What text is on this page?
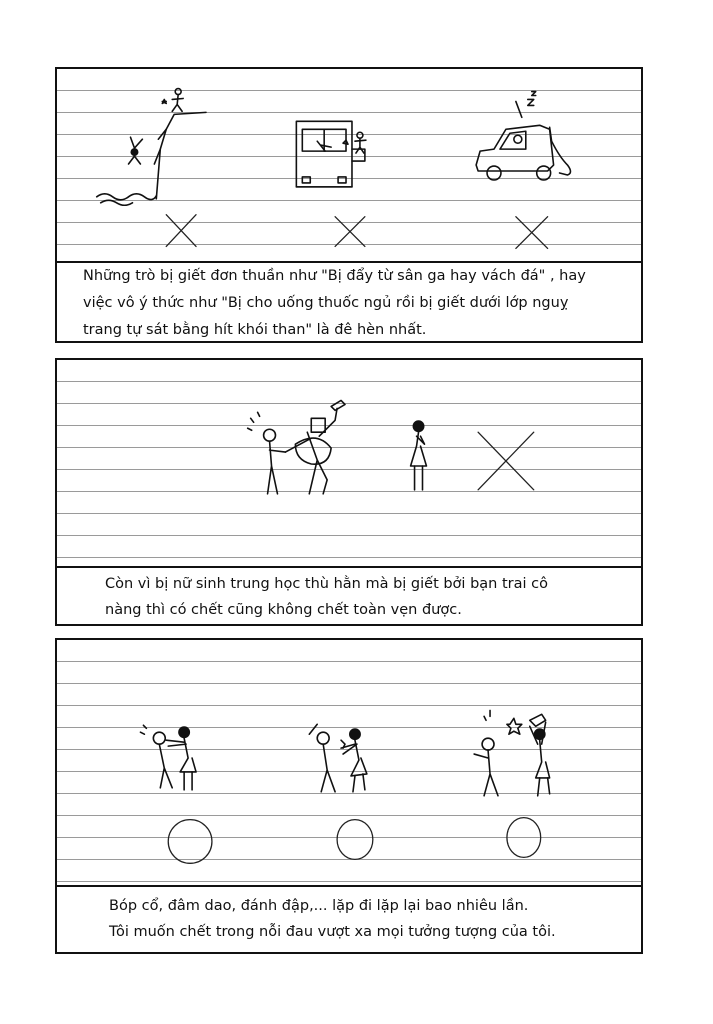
Những trò bị giết đơn thuần như "Bị đẩy từ sân ga hay vách đá" , hay
việc vô ý thức như "Bị cho uống thuốc ngủ rồi bị giết dưới lớp nguỵ
trang tự sát bằng hít khói than" là đê hèn nhất.
Còn vì bị nữ sinh trung học thù hằn mà bị giết bởi bạn trai cô
nàng thì có chết cũng không chết toàn vẹn được.
Bóp cổ, đâm dao, đánh đập,... lặp đi lặp lại bao nhiêu lần.
Tôi muốn chết trong nỗi đau vượt xa mọi tưởng tượng của tôi.
